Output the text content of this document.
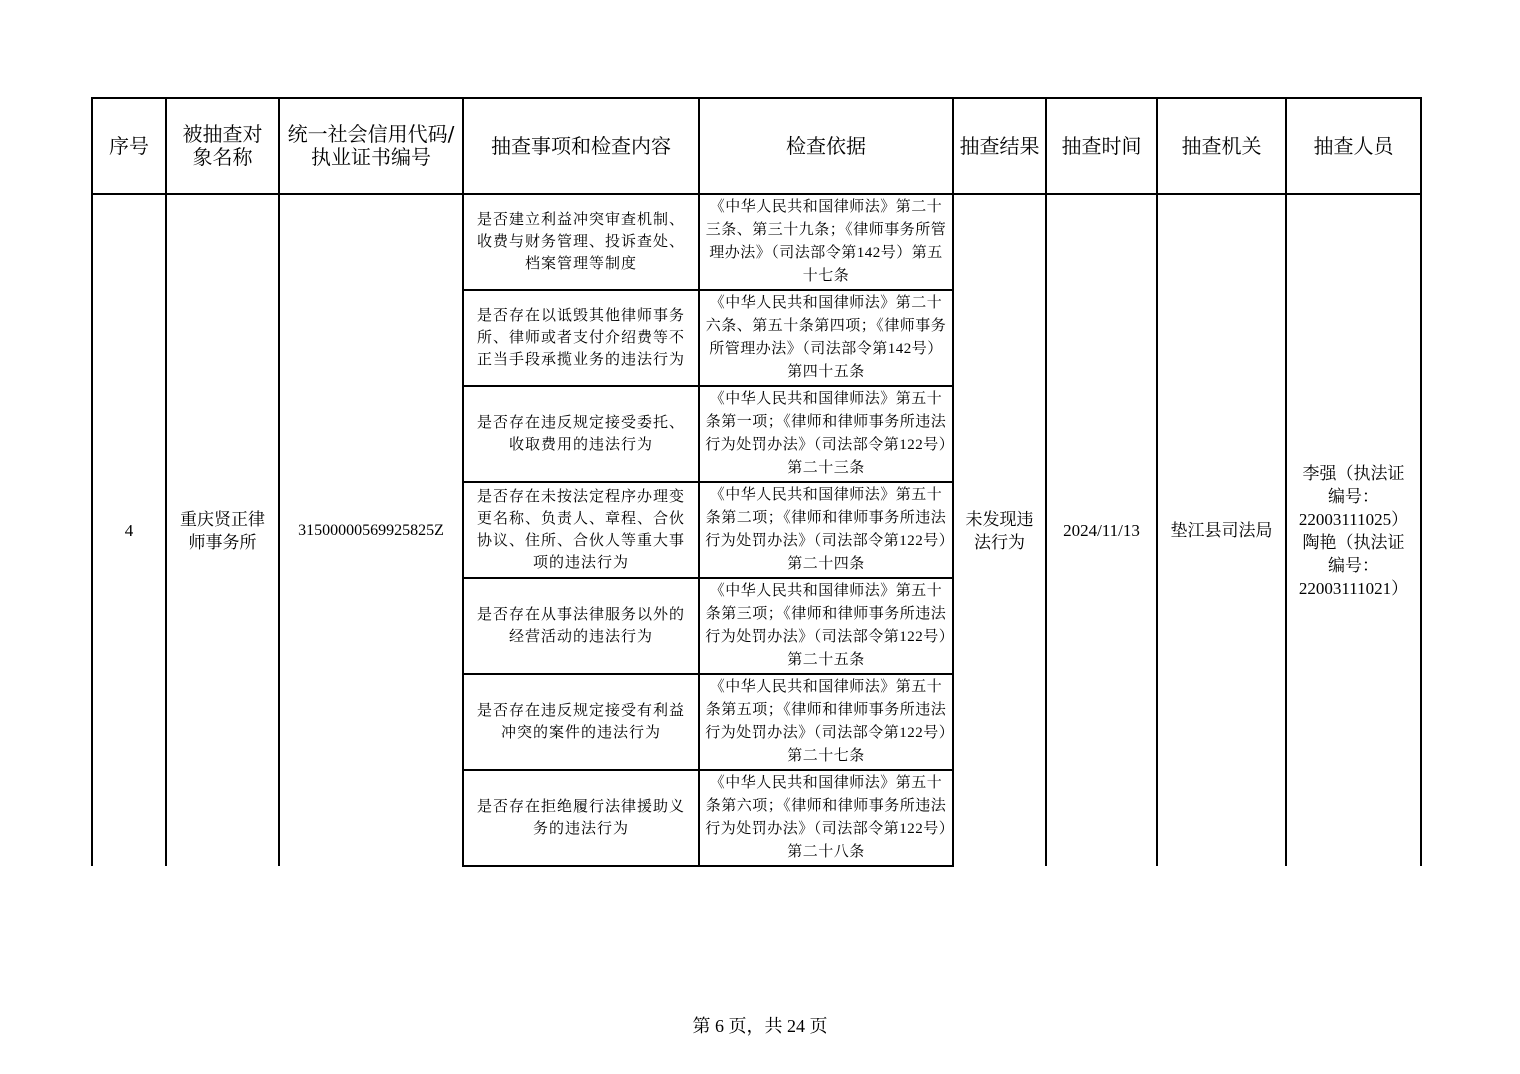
序号	被抽查对象名称	统一社会信用代码/执业证书编号	抽查事项和检查内容	检查依据	抽查结果	抽查时间	抽查机关	抽查人员
4	重庆贤正律师事务所	31500000569925825Z	是否建立利益冲突审查机制、收费与财务管理、投诉查处、档案管理等制度	《中华人民共和国律师法》第二十三条、第三十九条；《律师事务所管理办法》（司法部令第142号）第五十七条	未发现违法行为	2024/11/13	垫江县司法局	李强（执法证编号：22003111025）陶艳（执法证编号：22003111021）
			是否存在以诋毁其他律师事务所、律师或者支付介绍费等不正当手段承揽业务的违法行为	《中华人民共和国律师法》第二十六条、第五十条第四项；《律师事务所管理办法》（司法部令第142号）第四十五条				

			是否存在违反规定接受委托、收取费用的违法行为	《中华人民共和国律师法》第五十条第一项；《律师和律师事务所违法行为处罚办法》（司法部令第122号）第二十三条				

			是否存在未按法定程序办理变更名称、负责人、章程、合伙协议、住所、合伙人等重大事项的违法行为	《中华人民共和国律师法》第五十条第二项；《律师和律师事务所违法行为处罚办法》（司法部令第122号）第二十四条				

			是否存在从事法律服务以外的经营活动的违法行为	《中华人民共和国律师法》第五十条第三项；《律师和律师事务所违法行为处罚办法》（司法部令第122号）第二十五条				

			是否存在违反规定接受有利益冲突的案件的违法行为	《中华人民共和国律师法》第五十条第五项；《律师和律师事务所违法行为处罚办法》（司法部令第122号）第二十七条				

			是否存在拒绝履行法律援助义务的违法行为	《中华人民共和国律师法》第五十条第六项；《律师和律师事务所违法行为处罚办法》（司法部令第122号）第二十八条				
第 6 页，共 24 页
